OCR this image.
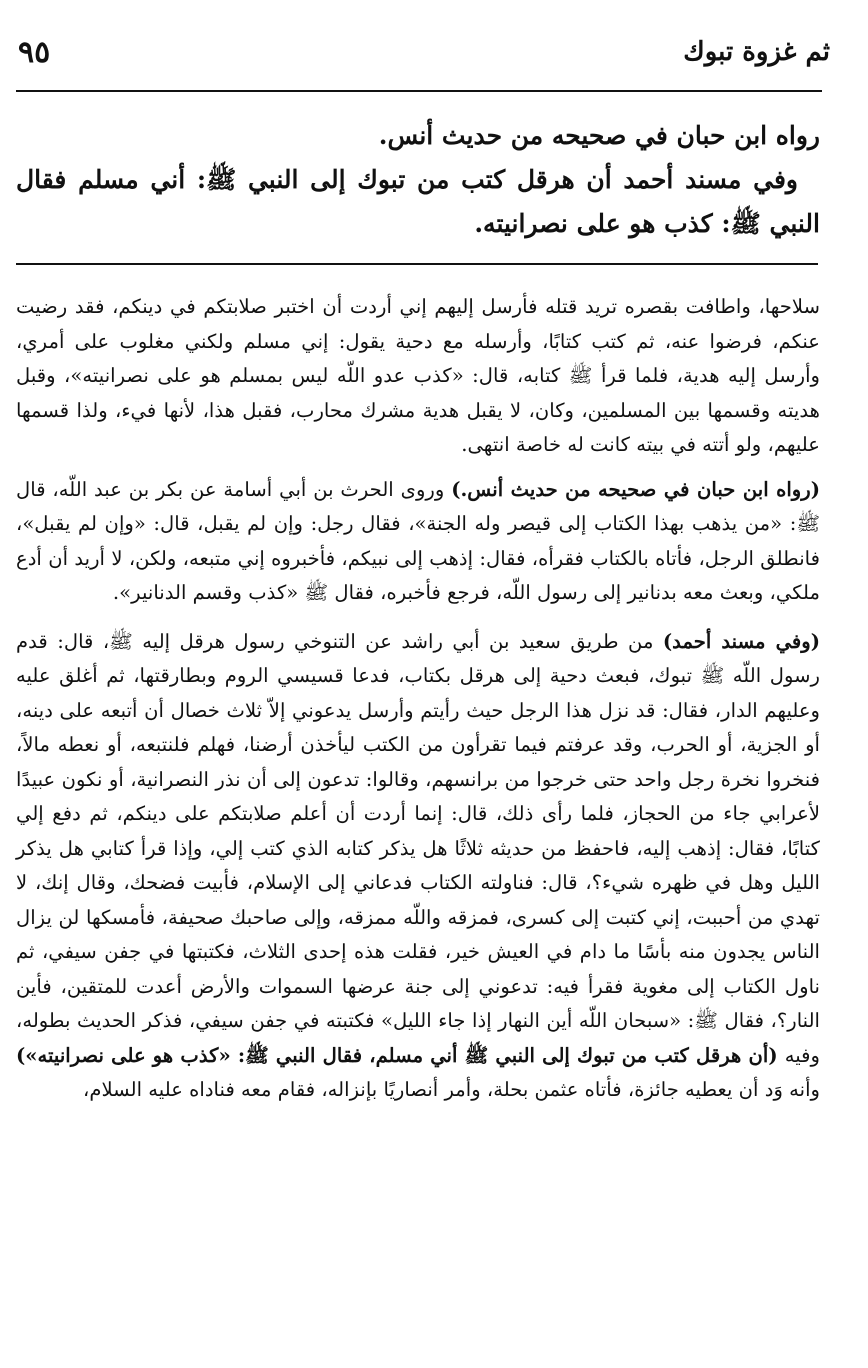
٩٥	ثم غزوة تبوك

رواه ابن حبان في صحيحه من حديث أنس.

وفي مسند أحمد أن هرقل كتب من تبوك إلى النبي ﷺ: أني مسلم فقال النبي ﷺ: كذب هو على نصرانيته.

سلاحها، واطافت بقصره تريد قتله فأرسل إليهم إني أردت أن اختبر صلابتكم في دينكم، فقد رضيت عنكم، فرضوا عنه، ثم كتب كتابًا، وأرسله مع دحية يقول: إني مسلم ولكني مغلوب على أمري، وأرسل إليه هدية، فلما قرأ ﷺ كتابه، قال: «كذب عدو اللّه ليس بمسلم هو على نصرانيته»، وقبل هديته وقسمها بين المسلمين، وكان، لا يقبل هدية مشرك محارب، فقبل هذا، لأنها فيء، ولذا قسمها عليهم، ولو أتته في بيته كانت له خاصة انتهى.

(رواه ابن حبان في صحيحه من حديث أنس.) وروى الحرث بن أبي أسامة عن بكر بن عبد اللّه، قال ﷺ: «من يذهب بهذا الكتاب إلى قيصر وله الجنة»، فقال رجل: وإن لم يقبل، قال: «وإن لم يقبل»، فانطلق الرجل، فأتاه بالكتاب فقرأه، فقال: إذهب إلى نبيكم، فأخبروه إني متبعه، ولكن، لا أريد أن أدع ملكي، وبعث معه بدنانير إلى رسول اللّه، فرجع فأخبره، فقال ﷺ «كذب وقسم الدنانير».

(وفي مسند أحمد) من طريق سعيد بن أبي راشد عن التنوخي رسول هرقل إليه ﷺ، قال: قدم رسول اللّه ﷺ تبوك، فبعث دحية إلى هرقل بكتاب، فدعا قسيسي الروم وبطارقتها، ثم أغلق عليه وعليهم الدار، فقال: قد نزل هذا الرجل حيث رأيتم وأرسل يدعوني إلاّ ثلاث خصال أن أتبعه على دينه، أو الجزية، أو الحرب، وقد عرفتم فيما تقرأون من الكتب ليأخذن أرضنا، فهلم فلنتبعه، أو نعطه مالاً، فنخروا نخرة رجل واحد حتى خرجوا من برانسهم، وقالوا: تدعون إلى أن نذر النصرانية، أو نكون عبيدًا لأعرابي جاء من الحجاز، فلما رأى ذلك، قال: إنما أردت أن أعلم صلابتكم على دينكم، ثم دفع إلي كتابًا، فقال: إذهب إليه، فاحفظ من حديثه ثلاثًا هل يذكر كتابه الذي كتب إلي، وإذا قرأ كتابي هل يذكر الليل وهل في ظهره شيء؟، قال: فناولته الكتاب فدعاني إلى الإسلام، فأبيت فضحك، وقال إنك، لا تهدي من أحببت، إني كتبت إلى كسرى، فمزقه واللّه ممزقه، وإلى صاحبك صحيفة، فأمسكها لن يزال الناس يجدون منه بأسًا ما دام في العيش خير، فقلت هذه إحدى الثلاث، فكتبتها في جفن سيفي، ثم ناول الكتاب إلى مغوية فقرأ فيه: تدعوني إلى جنة عرضها السموات والأرض أعدت للمتقين، فأين النار؟، فقال ﷺ: «سبحان اللّه أين النهار إذا جاء الليل» فكتبته في جفن سيفي، فذكر الحديث بطوله، وفيه (أن هرقل كتب من تبوك إلى النبي ﷺ أني مسلم، فقال النبي ﷺ: «كذب هو على نصرانيته») وأنه وَد أن يعطيه جائزة، فأتاه عثمن بحلة، وأمر أنصاريًا بإنزاله، فقام معه فناداه عليه السلام،
